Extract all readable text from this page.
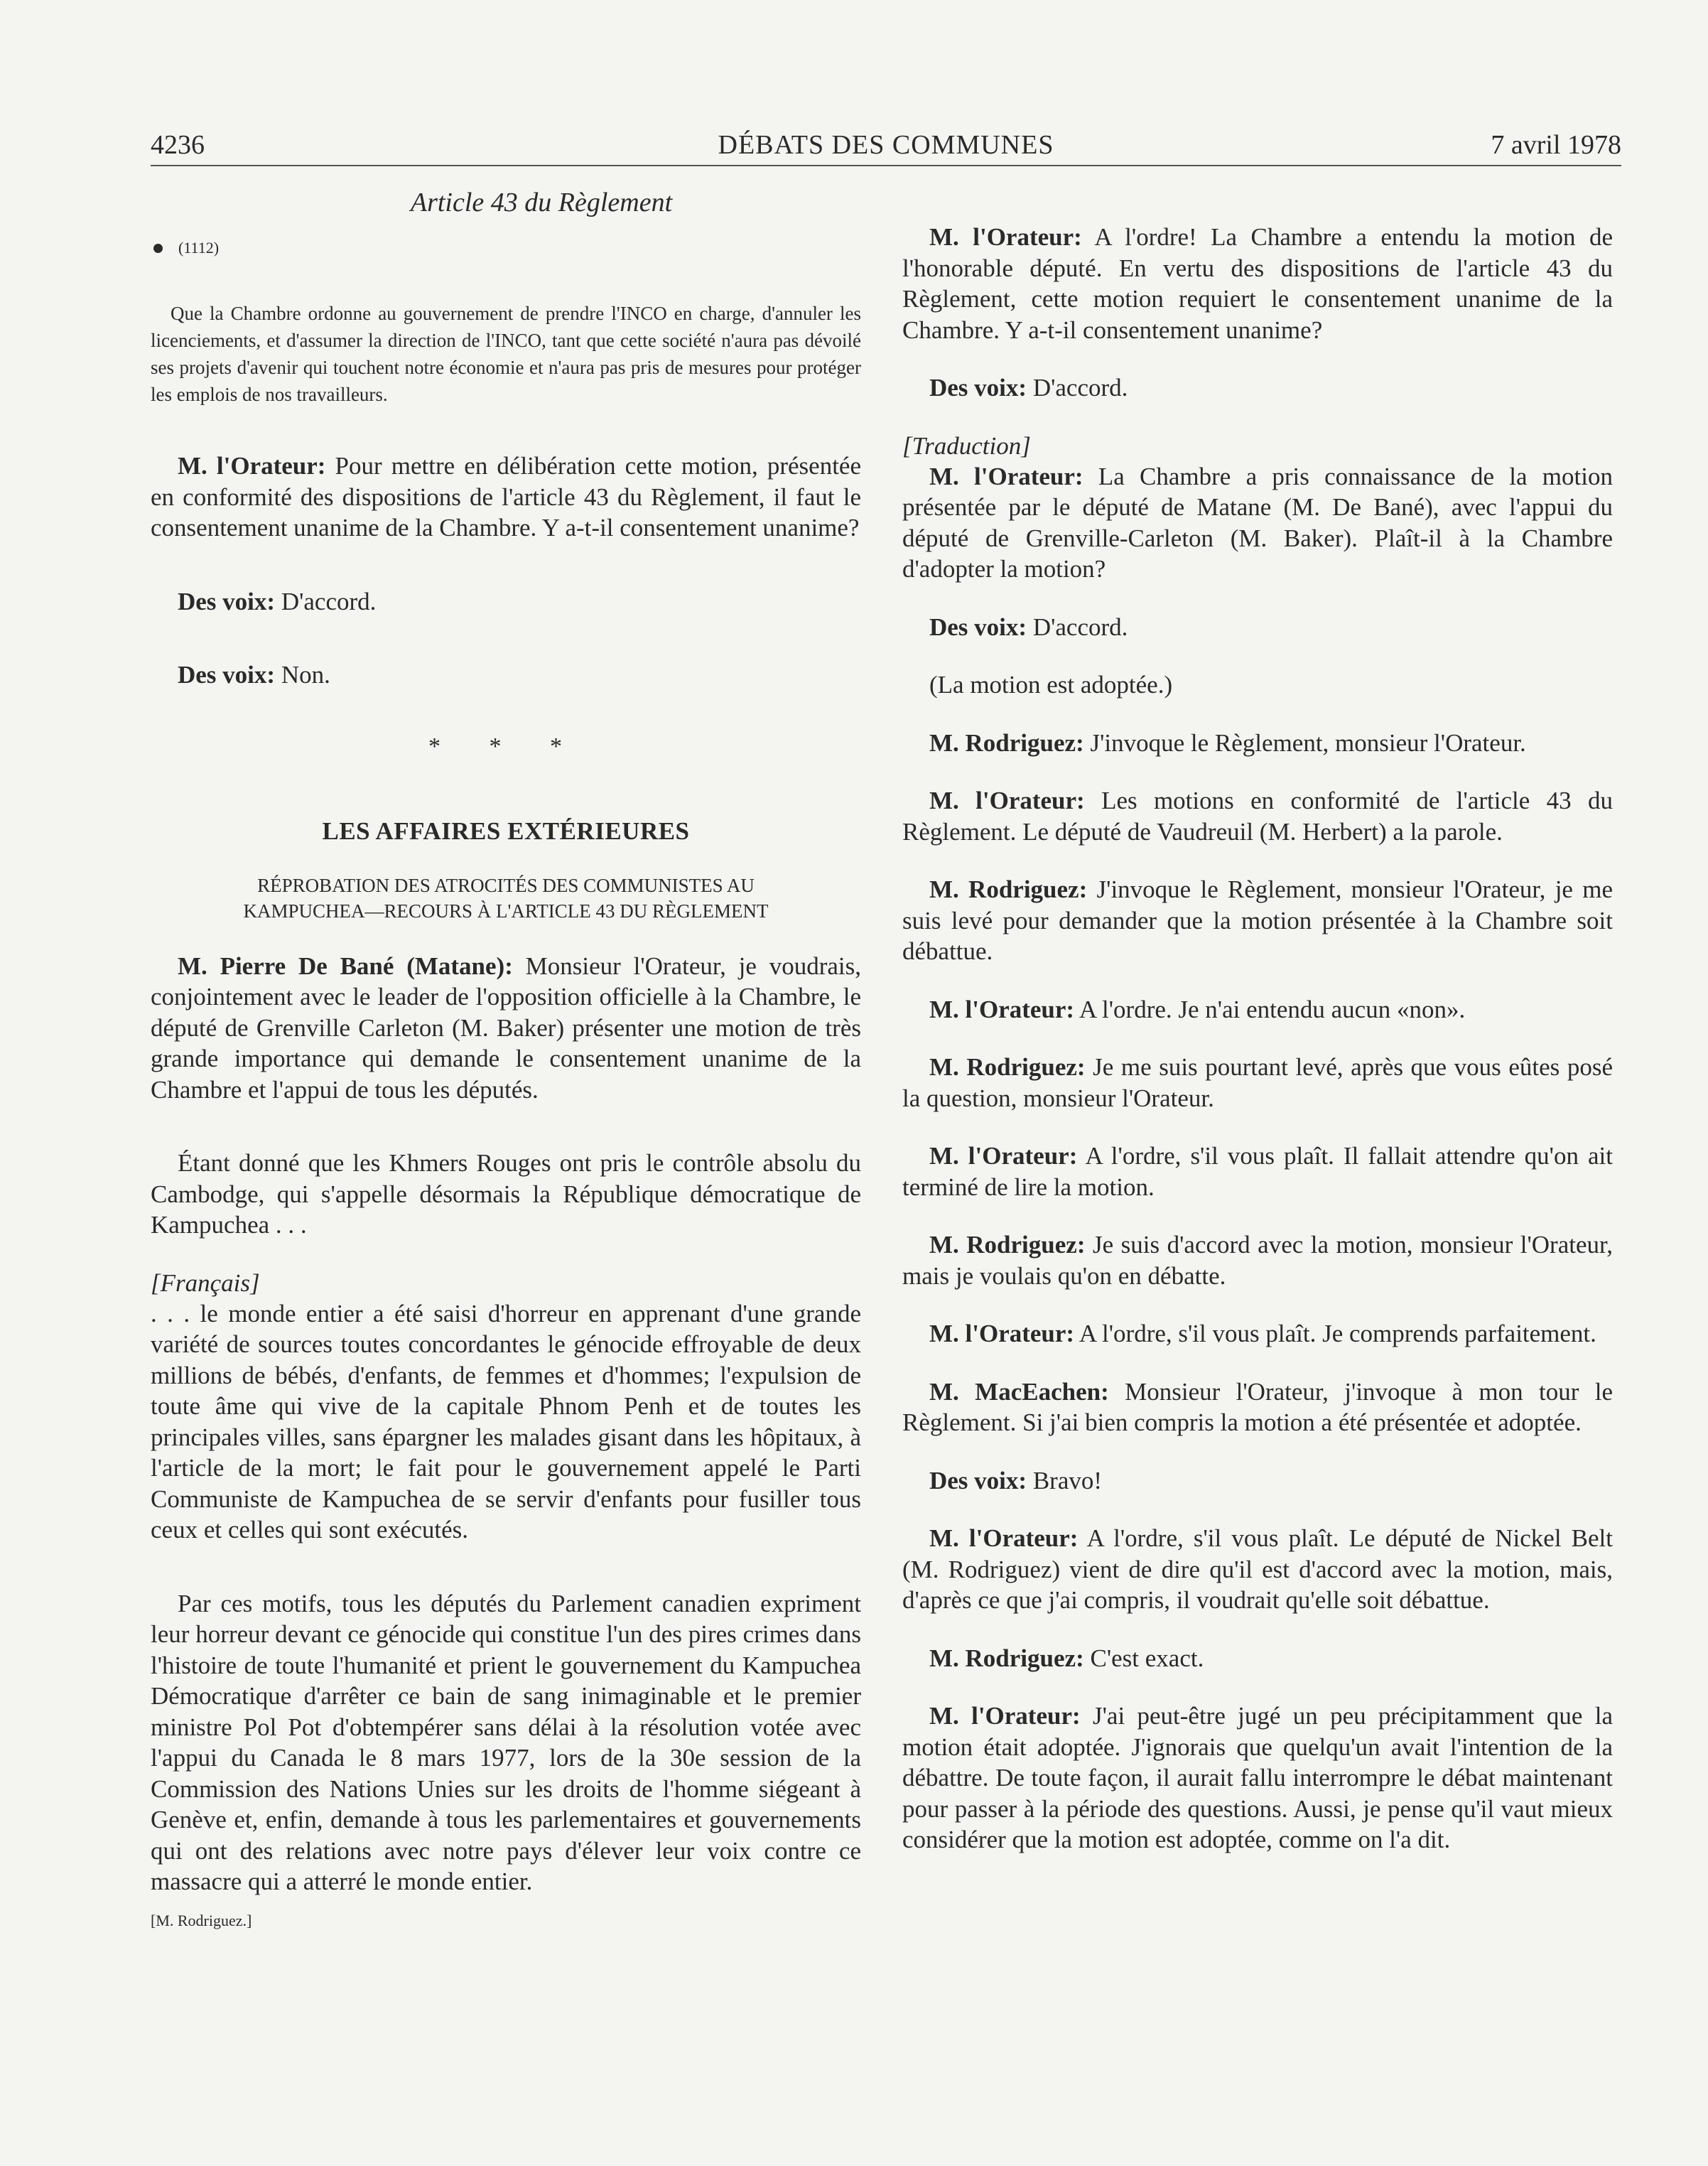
4236	DÉBATS DES COMMUNES	7 avril 1978

Article 43 du Règlement

(1112)

Que la Chambre ordonne au gouvernement de prendre l'INCO en charge, d'annuler les licenciements, et d'assumer la direction de l'INCO, tant que cette société n'aura pas dévoilé ses projets d'avenir qui touchent notre économie et n'aura pas pris de mesures pour protéger les emplois de nos travailleurs.

M. l'Orateur: Pour mettre en délibération cette motion, présentée en conformité des dispositions de l'article 43 du Règlement, il faut le consentement unanime de la Chambre. Y a-t-il consentement unanime?

Des voix: D'accord.

Des voix: Non.

* * *

LES AFFAIRES EXTÉRIEURES

RÉPROBATION DES ATROCITÉS DES COMMUNISTES AU

KAMPUCHEA—RECOURS À L'ARTICLE 43 DU RÈGLEMENT

M. Pierre De Bané (Matane): Monsieur l'Orateur, je voudrais, conjointement avec le leader de l'opposition officielle à la Chambre, le député de Grenville Carleton (M. Baker) présenter une motion de très grande importance qui demande le consentement unanime de la Chambre et l'appui de tous les députés.

Étant donné que les Khmers Rouges ont pris le contrôle absolu du Cambodge, qui s'appelle désormais la République démocratique de Kampuchea . . .

[Français]

. . . le monde entier a été saisi d'horreur en apprenant d'une grande variété de sources toutes concordantes le génocide effroyable de deux millions de bébés, d'enfants, de femmes et d'hommes; l'expulsion de toute âme qui vive de la capitale Phnom Penh et de toutes les principales villes, sans épargner les malades gisant dans les hôpitaux, à l'article de la mort; le fait pour le gouvernement appelé le Parti Communiste de Kampuchea de se servir d'enfants pour fusiller tous ceux et celles qui sont exécutés.

Par ces motifs, tous les députés du Parlement canadien expriment leur horreur devant ce génocide qui constitue l'un des pires crimes dans l'histoire de toute l'humanité et prient le gouvernement du Kampuchea Démocratique d'arrêter ce bain de sang inimaginable et le premier ministre Pol Pot d'obtempérer sans délai à la résolution votée avec l'appui du Canada le 8 mars 1977, lors de la 30e session de la Commission des Nations Unies sur les droits de l'homme siégeant à Genève et, enfin, demande à tous les parlementaires et gouvernements qui ont des relations avec notre pays d'élever leur voix contre ce massacre qui a atterré le monde entier.

[M. Rodriguez.]

M. l'Orateur: A l'ordre! La Chambre a entendu la motion de l'honorable député. En vertu des dispositions de l'article 43 du Règlement, cette motion requiert le consentement unanime de la Chambre. Y a-t-il consentement unanime?

Des voix: D'accord.

[Traduction]

M. l'Orateur: La Chambre a pris connaissance de la motion présentée par le député de Matane (M. De Bané), avec l'appui du député de Grenville-Carleton (M. Baker). Plaît-il à la Chambre d'adopter la motion?

Des voix: D'accord.

(La motion est adoptée.)

M. Rodriguez: J'invoque le Règlement, monsieur l'Orateur.

M. l'Orateur: Les motions en conformité de l'article 43 du Règlement. Le député de Vaudreuil (M. Herbert) a la parole.

M. Rodriguez: J'invoque le Règlement, monsieur l'Orateur, je me suis levé pour demander que la motion présentée à la Chambre soit débattue.

M. l'Orateur: A l'ordre. Je n'ai entendu aucun «non».

M. Rodriguez: Je me suis pourtant levé, après que vous eûtes posé la question, monsieur l'Orateur.

M. l'Orateur: A l'ordre, s'il vous plaît. Il fallait attendre qu'on ait terminé de lire la motion.

M. Rodriguez: Je suis d'accord avec la motion, monsieur l'Orateur, mais je voulais qu'on en débatte.

M. l'Orateur: A l'ordre, s'il vous plaît. Je comprends parfaitement.

M. MacEachen: Monsieur l'Orateur, j'invoque à mon tour le Règlement. Si j'ai bien compris la motion a été présentée et adoptée.

Des voix: Bravo!

M. l'Orateur: A l'ordre, s'il vous plaît. Le député de Nickel Belt (M. Rodriguez) vient de dire qu'il est d'accord avec la motion, mais, d'après ce que j'ai compris, il voudrait qu'elle soit débattue.

M. Rodriguez: C'est exact.

M. l'Orateur: J'ai peut-être jugé un peu précipitamment que la motion était adoptée. J'ignorais que quelqu'un avait l'intention de la débattre. De toute façon, il aurait fallu interrompre le débat maintenant pour passer à la période des questions. Aussi, je pense qu'il vaut mieux considérer que la motion est adoptée, comme on l'a dit.
